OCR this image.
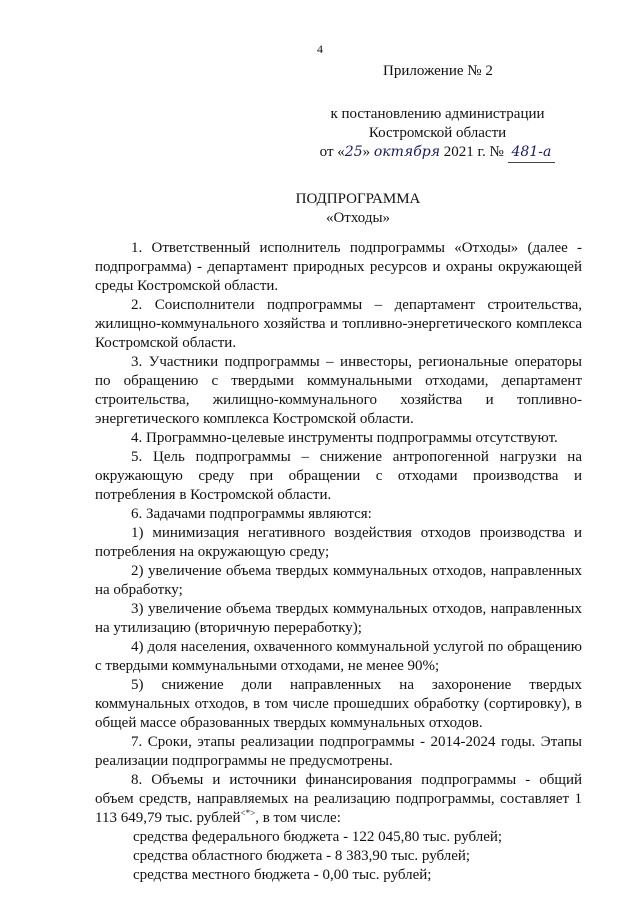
4
Приложение № 2
к постановлению администрации
Костромской области
от «25» октября 2021 г. № 481-а
ПОДПРОГРАММА
«Отходы»

1. Ответственный исполнитель подпрограммы «Отходы» (далее - подпрограмма) - департамент природных ресурсов и охраны окружающей среды Костромской области.

2. Соисполнители подпрограммы – департамент строительства, жилищно-коммунального хозяйства и топливно-энергетического комплекса Костромской области.

3. Участники подпрограммы – инвесторы, региональные операторы по обращению с твердыми коммунальными отходами, департамент строительства, жилищно-коммунального хозяйства и топливно-энергетического комплекса Костромской области.

4. Программно-целевые инструменты подпрограммы отсутствуют.

5. Цель подпрограммы – снижение антропогенной нагрузки на окружающую среду при обращении с отходами производства и потребления в Костромской области.

6. Задачами подпрограммы являются:

1) минимизация негативного воздействия отходов производства и потребления на окружающую среду;

2) увеличение объема твердых коммунальных отходов, направленных на обработку;

3) увеличение объема твердых коммунальных отходов, направленных на утилизацию (вторичную переработку);

4) доля населения, охваченного коммунальной услугой по обращению с твердыми коммунальными отходами, не менее 90%;

5) снижение доли направленных на захоронение твердых коммунальных отходов, в том числе прошедших обработку (сортировку), в общей массе образованных твердых коммунальных отходов.

7. Сроки, этапы реализации подпрограммы - 2014-2024 годы. Этапы реализации подпрограммы не предусмотрены.

8. Объемы и источники финансирования подпрограммы - общий объем средств, направляемых на реализацию подпрограммы, составляет 1 113 649,79 тыс. рублей<*>, в том числе:

средства федерального бюджета - 122 045,80 тыс. рублей;

средства областного бюджета - 8 383,90 тыс. рублей;

средства местного бюджета - 0,00 тыс. рублей;
